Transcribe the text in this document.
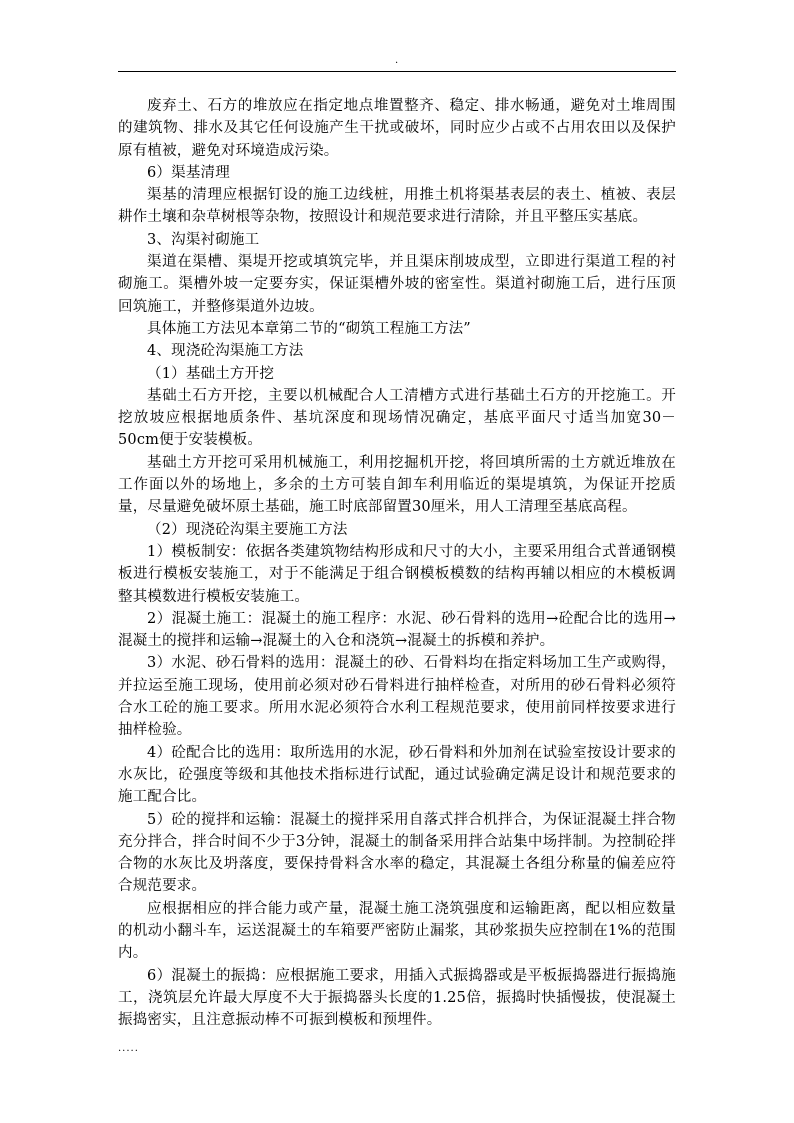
.

废弃土、石方的堆放应在指定地点堆置整齐、稳定、排水畅通，避免对土堆周围的建筑物、排水及其它任何设施产生干扰或破坏，同时应少占或不占用农田以及保护原有植被，避免对环境造成污染。

6）渠基清理

渠基的清理应根据钉设的施工边线桩，用推土机将渠基表层的表土、植被、表层耕作土壤和杂草树根等杂物，按照设计和规范要求进行清除，并且平整压实基底。

3、沟渠衬砌施工

渠道在渠槽、渠堤开挖或填筑完毕，并且渠床削坡成型，立即进行渠道工程的衬砌施工。渠槽外坡一定要夯实，保证渠槽外坡的密室性。渠道衬砌施工后，进行压顶回筑施工，并整修渠道外边坡。

具体施工方法见本章第二节的“砌筑工程施工方法”

4、现浇砼沟渠施工方法

（1）基础土方开挖

基础土石方开挖，主要以机械配合人工清槽方式进行基础土石方的开挖施工。开挖放坡应根据地质条件、基坑深度和现场情况确定，基底平面尺寸适当加宽30－50cm便于安装模板。

基础土方开挖可采用机械施工，利用挖掘机开挖，将回填所需的土方就近堆放在工作面以外的场地上，多余的土方可装自卸车利用临近的渠堤填筑，为保证开挖质量，尽量避免破坏原土基础，施工时底部留置30厘米，用人工清理至基底高程。

（2）现浇砼沟渠主要施工方法

1）模板制安：依据各类建筑物结构形成和尺寸的大小，主要采用组合式普通钢模板进行模板安装施工，对于不能满足于组合钢模板模数的结构再辅以相应的木模板调整其模数进行模板安装施工。

2）混凝土施工：混凝土的施工程序：水泥、砂石骨料的选用→砼配合比的选用→混凝土的搅拌和运输→混凝土的入仓和浇筑→混凝土的拆模和养护。

3）水泥、砂石骨料的选用：混凝土的砂、石骨料均在指定料场加工生产或购得，并拉运至施工现场，使用前必须对砂石骨料进行抽样检查，对所用的砂石骨料必须符合水工砼的施工要求。所用水泥必须符合水利工程规范要求，使用前同样按要求进行抽样检验。

4）砼配合比的选用：取所选用的水泥，砂石骨料和外加剂在试验室按设计要求的水灰比，砼强度等级和其他技术指标进行试配，通过试验确定满足设计和规范要求的施工配合比。

5）砼的搅拌和运输：混凝土的搅拌采用自落式拌合机拌合，为保证混凝土拌合物充分拌合，拌合时间不少于3分钟，混凝土的制备采用拌合站集中场拌制。为控制砼拌合物的水灰比及坍落度，要保持骨料含水率的稳定，其混凝土各组分称量的偏差应符合规范要求。

应根据相应的拌合能力或产量，混凝土施工浇筑强度和运输距离，配以相应数量的机动小翻斗车，运送混凝土的车箱要严密防止漏浆，其砂浆损失应控制在1%的范围内。

6）混凝土的振捣：应根据施工要求，用插入式振捣器或是平板振捣器进行振捣施工，浇筑层允许最大厚度不大于振捣器头长度的1.25倍，振捣时快插慢拔，使混凝土振捣密实，且注意振动棒不可振到模板和预埋件。

.....
